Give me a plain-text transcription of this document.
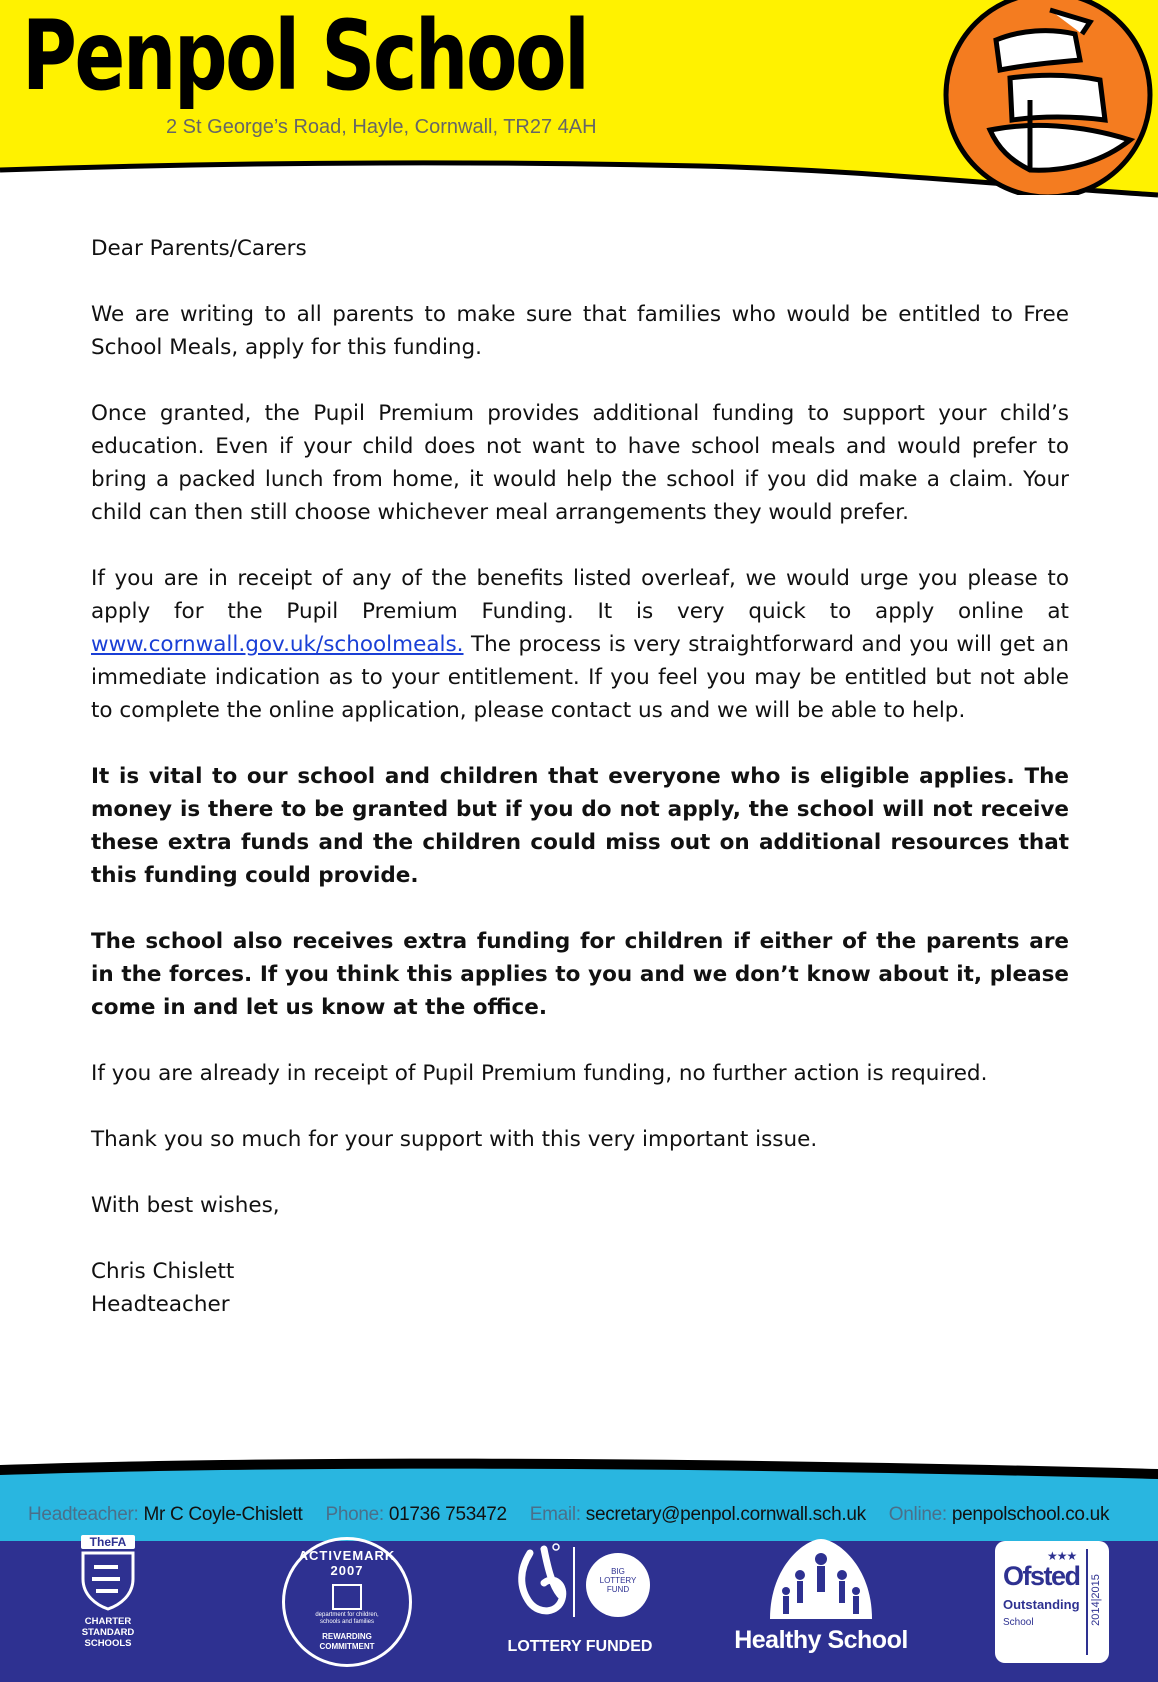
Penpol School
2 St George’s Road, Hayle, Cornwall, TR27 4AH

Dear Parents/Carers

We are writing to all parents to make sure that families who would be entitled to Free School Meals, apply for this funding.

Once granted, the Pupil Premium provides additional funding to support your child’s education. Even if your child does not want to have school meals and would prefer to bring a packed lunch from home, it would help the school if you did make a claim. Your child can then still choose whichever meal arrangements they would prefer.

If you are in receipt of any of the benefits listed overleaf, we would urge you please to apply for the Pupil Premium Funding. It is very quick to apply online at www.cornwall.gov.uk/schoolmeals. The process is very straightforward and you will get an immediate indication as to your entitlement. If you feel you may be entitled but not able to complete the online application, please contact us and we will be able to help.

It is vital to our school and children that everyone who is eligible applies. The money is there to be granted but if you do not apply, the school will not receive these extra funds and the children could miss out on additional resources that this funding could provide.

The school also receives extra funding for children if either of the parents are in the forces. If you think this applies to you and we don’t know about it, please come in and let us know at the office.

If you are already in receipt of Pupil Premium funding, no further action is required.

Thank you so much for your support with this very important issue.

With best wishes,

Chris Chislett

Headteacher

Headteacher: Mr C Coyle-Chislett Phone: 01736 753472 Email: secretary@penpol.cornwall.sch.uk Online: penpolschool.co.uk
TheFA
CHARTER
STANDARD
SCHOOLS
ACTIVEMARK 2007
department for children, schools and families
REWARDING
COMMITMENT
BIG LOTTERY FUND
LOTTERY FUNDED	Healthy School
★★★
Ofsted
Outstanding
School	2014|2015
